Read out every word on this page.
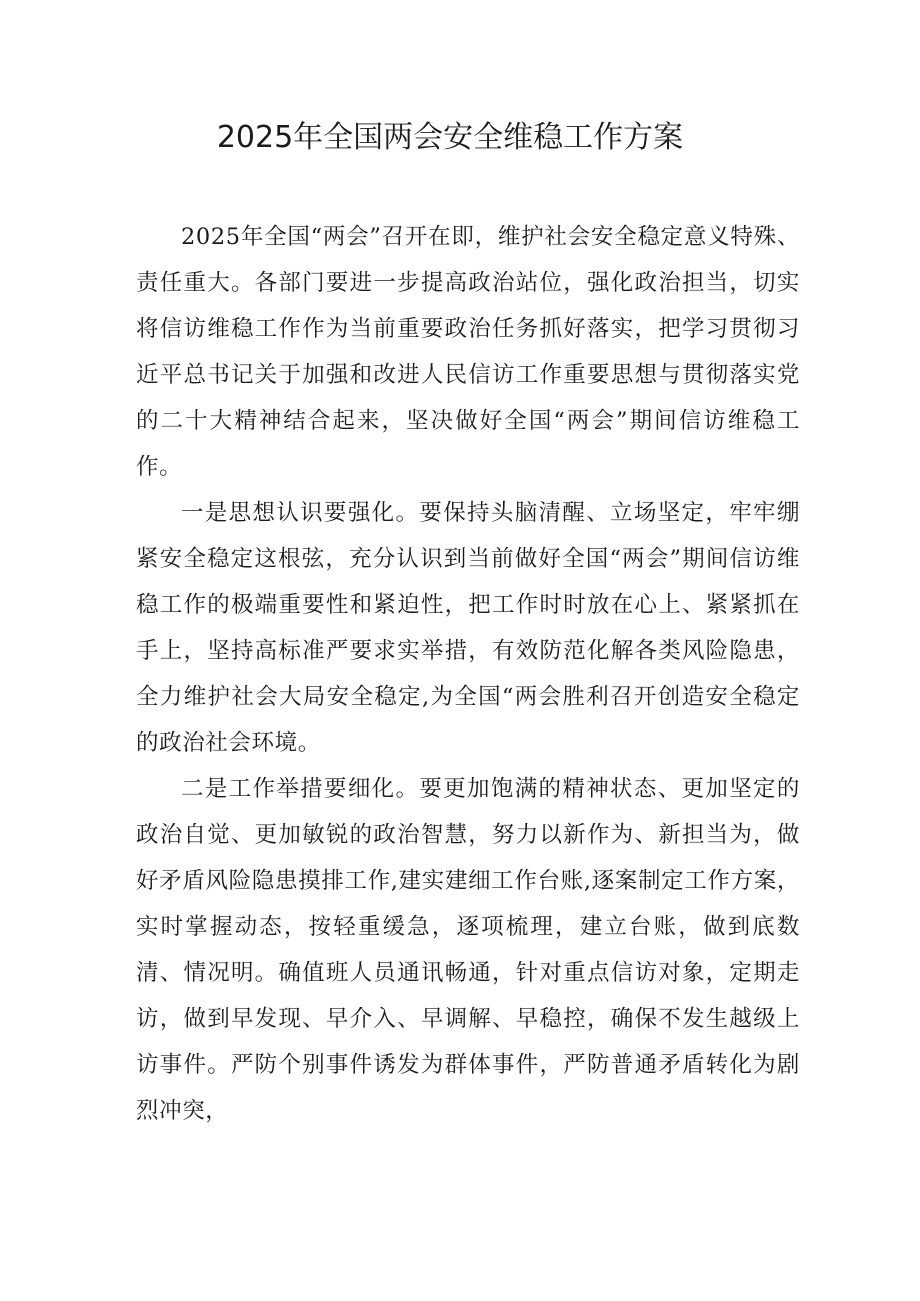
2025年全国两会安全维稳工作方案

2025年全国“两会”召开在即，维护社会安全稳定意义特殊、责任重大。各部门要进一步提高政治站位，强化政治担当，切实将信访维稳工作作为当前重要政治任务抓好落实，把学习贯彻习近平总书记关于加强和改进人民信访工作重要思想与贯彻落实党的二十大精神结合起来，坚决做好全国“两会”期间信访维稳工作。

一是思想认识要强化。要保持头脑清醒、立场坚定，牢牢绷紧安全稳定这根弦，充分认识到当前做好全国“两会”期间信访维稳工作的极端重要性和紧迫性，把工作时时放在心上、紧紧抓在手上，坚持高标准严要求实举措，有效防范化解各类风险隐患，全力维护社会大局安全稳定,为全国“两会胜利召开创造安全稳定的政治社会环境。

二是工作举措要细化。要更加饱满的精神状态、更加坚定的政治自觉、更加敏锐的政治智慧，努力以新作为、新担当为，做好矛盾风险隐患摸排工作,建实建细工作台账,逐案制定工作方案，实时掌握动态，按轻重缓急，逐项梳理，建立台账，做到底数清、情况明。确值班人员通讯畅通，针对重点信访对象，定期走访，做到早发现、早介入、早调解、早稳控，确保不发生越级上访事件。严防个别事件诱发为群体事件，严防普通矛盾转化为剧烈冲突，
